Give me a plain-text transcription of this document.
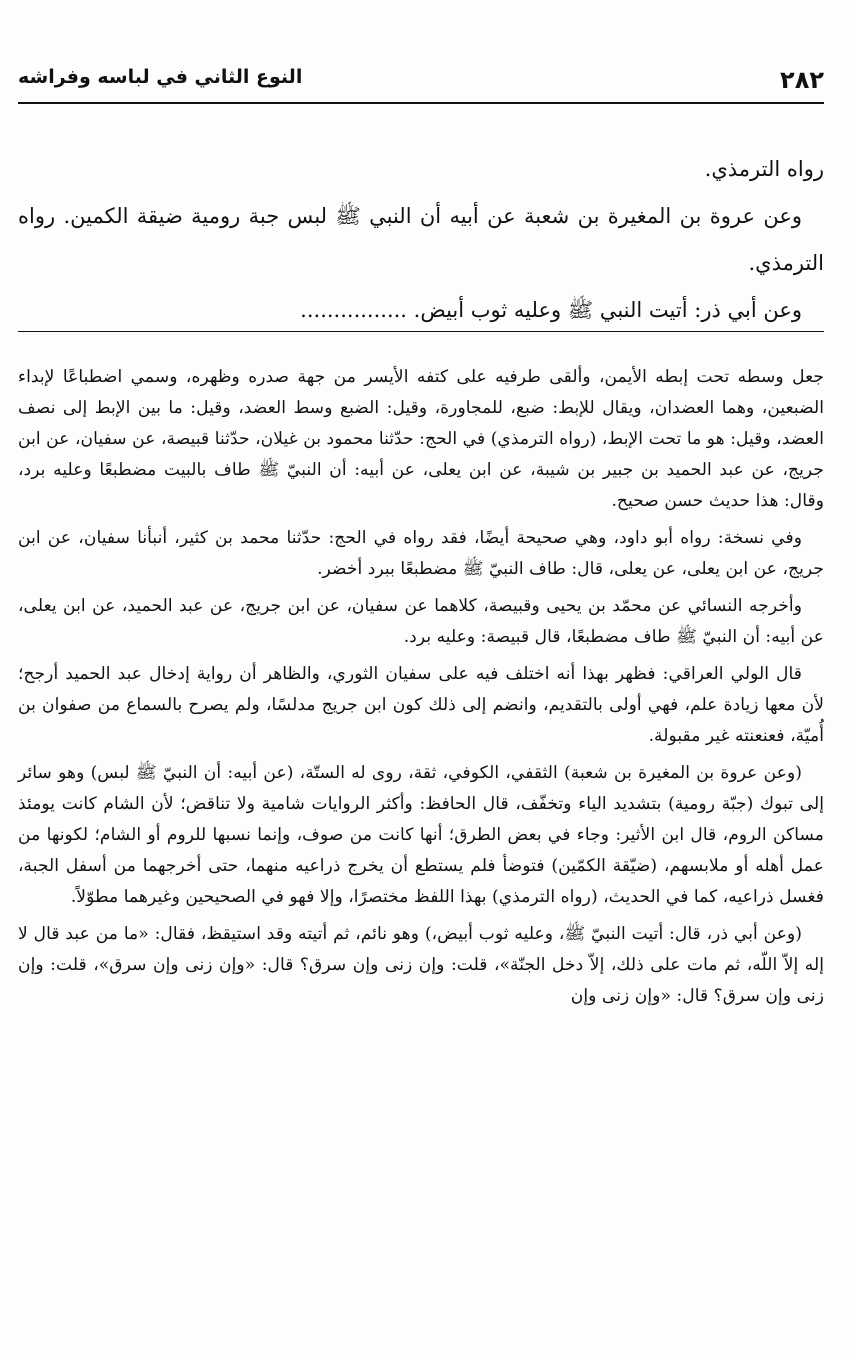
٢٨٢
النوع الثاني في لباسه وفراشه

رواه الترمذي.

وعن عروة بن المغيرة بن شعبة عن أبيه أن النبي ﷺ لبس جبة رومية ضيقة الكمين. رواه الترمذي.

وعن أبي ذر: أتيت النبي ﷺ وعليه ثوب أبيض. ................

جعل وسطه تحت إبطه الأيمن، وألقى طرفيه على كتفه الأيسر من جهة صدره وظهره، وسمي اضطباعًا لإبداء الضبعين، وهما العضدان، ويقال للإبط: ضبع، للمجاورة، وقيل: الضبع وسط العضد، وقيل: ما بين الإبط إلى نصف العضد، وقيل: هو ما تحت الإبط، (رواه الترمذي) في الحج: حدّثنا محمود بن غيلان، حدّثنا قبيصة، عن سفيان، عن ابن جريج، عن عبد الحميد بن جبير بن شيبة، عن ابن يعلى، عن أبيه: أن النبيّ ﷺ طاف بالبيت مضطبعًا وعليه برد، وقال: هذا حديث حسن صحيح.

وفي نسخة: رواه أبو داود، وهي صحيحة أيضًا، فقد رواه في الحج: حدّثنا محمد بن كثير، أنبأنا سفيان، عن ابن جريج، عن ابن يعلى، عن يعلى، قال: طاف النبيّ ﷺ مضطبعًا ببرد أخضر.

وأخرجه النسائي عن محمّد بن يحيى وقبيصة، كلاهما عن سفيان، عن ابن جريج، عن عبد الحميد، عن ابن يعلى، عن أبيه: أن النبيّ ﷺ طاف مضطبعًا، قال قبيصة: وعليه برد.

قال الولي العراقي: فظهر بهذا أنه اختلف فيه على سفيان الثوري، والظاهر أن رواية إدخال عبد الحميد أرجح؛ لأن معها زيادة علم، فهي أولى بالتقديم، وانضم إلى ذلك كون ابن جريج مدلسًا، ولم يصرح بالسماع من صفوان بن أُميّة، فعنعنته غير مقبولة.

(وعن عروة بن المغيرة بن شعبة) الثقفي، الكوفي، ثقة، روى له الستّة، (عن أبيه: أن النبيّ ﷺ لبس) وهو سائر إلى تبوك (جبّة رومية) بتشديد الياء وتخفّف، قال الحافظ: وأكثر الروايات شامية ولا تناقض؛ لأن الشام كانت يومئذ مساكن الروم، قال ابن الأثير: وجاء في بعض الطرق؛ أنها كانت من صوف، وإنما نسبها للروم أو الشام؛ لكونها من عمل أهله أو ملابسهم، (ضيّقة الكمّين) فتوضأ فلم يستطع أن يخرج ذراعيه منهما، حتى أخرجهما من أسفل الجبة، فغسل ذراعيه، كما في الحديث، (رواه الترمذي) بهذا اللفظ مختصرًا، وإلا فهو في الصحيحين وغيرهما مطوّلاً.

(وعن أبي ذر، قال: أتيت النبيّ ﷺ، وعليه ثوب أبيض،) وهو نائم، ثم أتيته وقد استيقظ، فقال: «ما من عبد قال لا إله إلاّ اللّه، ثم مات على ذلك، إلاّ دخل الجنّة»، قلت: وإن زنى وإن سرق؟ قال: «وإن زنى وإن سرق»، قلت: وإن زنى وإن سرق؟ قال: «وإن زنى وإن
